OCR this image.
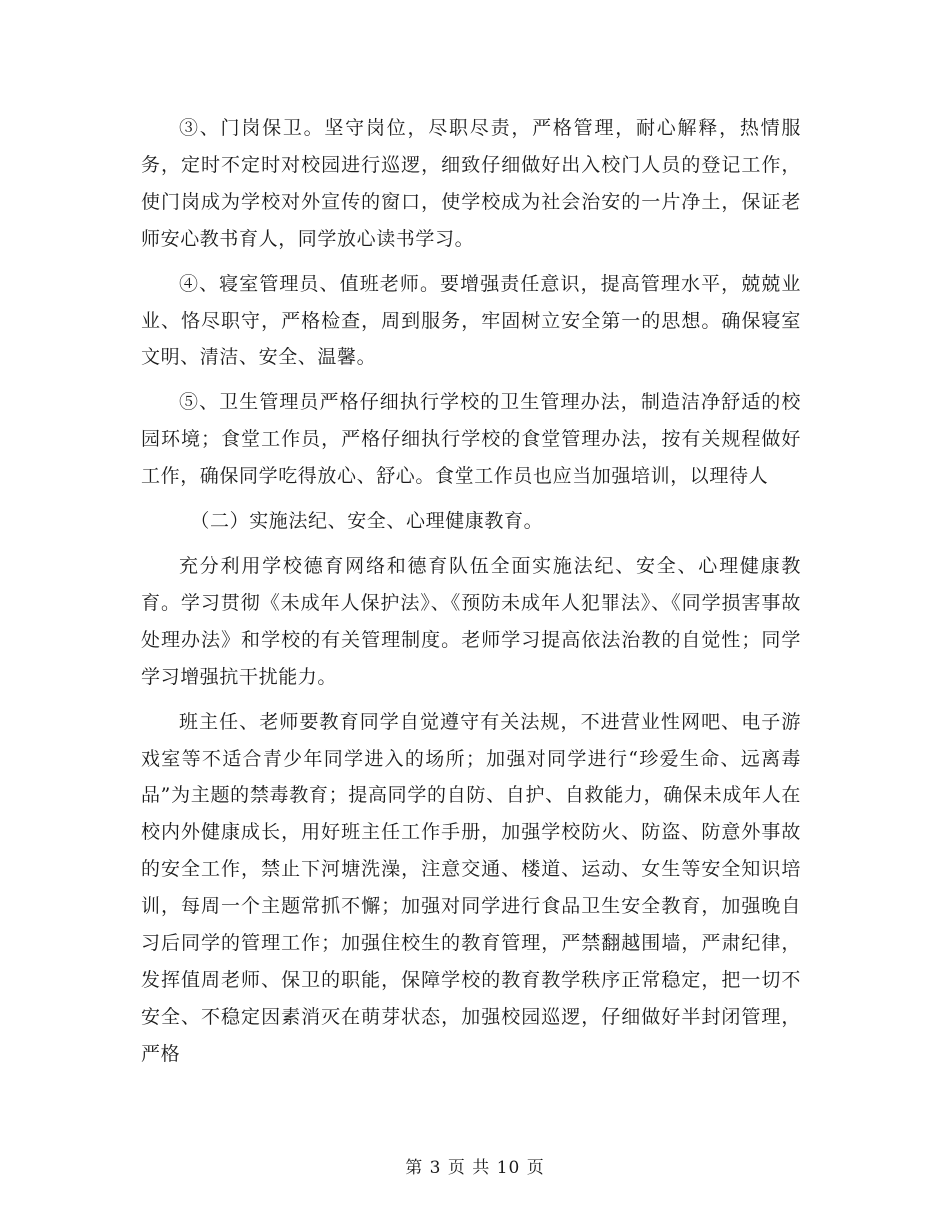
③、门岗保卫。坚守岗位，尽职尽责，严格管理，耐心解释，热情服务，定时不定时对校园进行巡逻，细致仔细做好出入校门人员的登记工作，使门岗成为学校对外宣传的窗口，使学校成为社会治安的一片净土，保证老师安心教书育人，同学放心读书学习。

④、寝室管理员、值班老师。要增强责任意识，提高管理水平，兢兢业业、恪尽职守，严格检查，周到服务，牢固树立安全第一的思想。确保寝室文明、清洁、安全、温馨。

⑤、卫生管理员严格仔细执行学校的卫生管理办法，制造洁净舒适的校园环境；食堂工作员，严格仔细执行学校的食堂管理办法，按有关规程做好工作，确保同学吃得放心、舒心。食堂工作员也应当加强培训，以理待人

（二）实施法纪、安全、心理健康教育。

充分利用学校德育网络和德育队伍全面实施法纪、安全、心理健康教育。学习贯彻《未成年人保护法》、《预防未成年人犯罪法》、《同学损害事故处理办法》和学校的有关管理制度。老师学习提高依法治教的自觉性；同学学习增强抗干扰能力。

班主任、老师要教育同学自觉遵守有关法规，不进营业性网吧、电子游戏室等不适合青少年同学进入的场所；加强对同学进行“珍爱生命、远离毒品”为主题的禁毒教育；提高同学的自防、自护、自救能力，确保未成年人在校内外健康成长，用好班主任工作手册，加强学校防火、防盗、防意外事故的安全工作，禁止下河塘洗澡，注意交通、楼道、运动、女生等安全知识培训，每周一个主题常抓不懈；加强对同学进行食品卫生安全教育，加强晚自习后同学的管理工作；加强住校生的教育管理，严禁翻越围墙，严肃纪律，发挥值周老师、保卫的职能，保障学校的教育教学秩序正常稳定，把一切不安全、不稳定因素消灭在萌芽状态，加强校园巡逻，仔细做好半封闭管理，严格

第 3 页 共 10 页
